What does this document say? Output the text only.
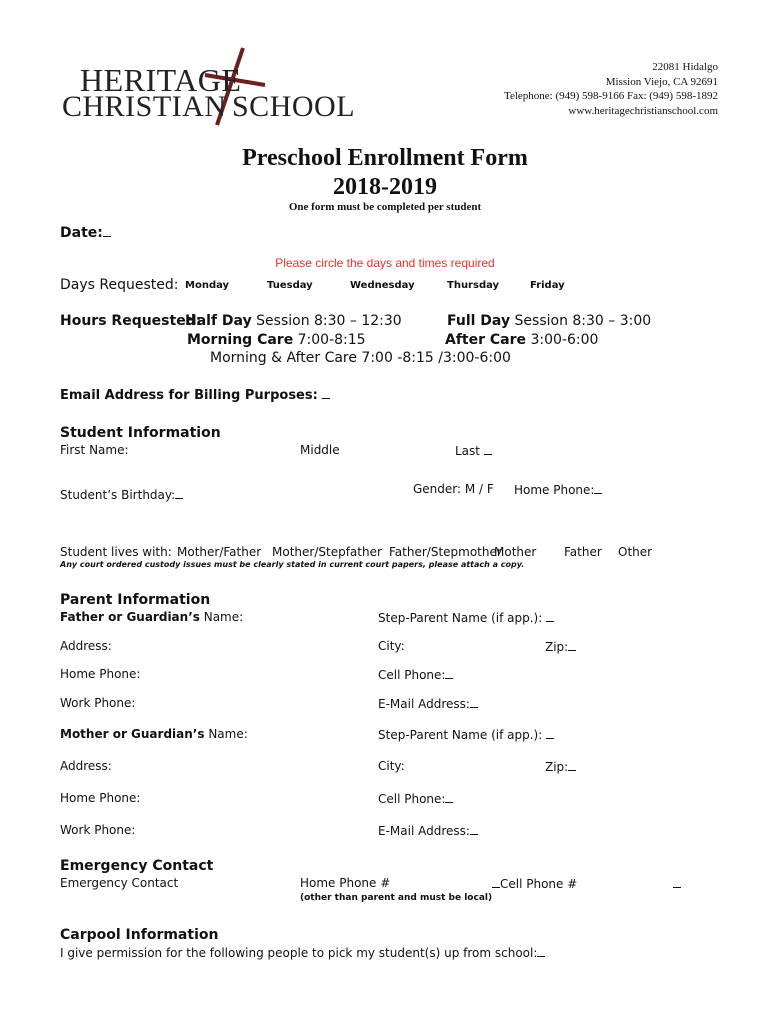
HERITAGE
CHRISTIAN SCHOOL
22081 Hidalgo
Mission Viejo, CA 92691
Telephone: (949) 598-9166 Fax: (949) 598-1892
www.heritagechristianschool.com
Preschool Enrollment Form
2018-2019
One form must be completed per student
Date:
Please circle the days and times required
Days Requested: Monday	Tuesday	Wednesday	Thursday	Friday
Hours Requested:
Half Day Session 8:30 – 12:30	Full Day Session 8:30 – 3:00
Morning Care 7:00-8:15	After Care 3:00-6:00
Morning & After Care 7:00 -8:15 /3:00-6:00
Email Address for Billing Purposes:
Student Information
First Name:	Middle	Last
Student’s Birthday:	Gender: M / F Home Phone:
Student lives with: Mother/Father Mother/Stepfather Father/Stepmother
Mother Father Other
Any court ordered custody issues must be clearly stated in current court papers, please attach a copy.
Parent Information
Father or Guardian’s Name:	Step-Parent Name (if app.):
Address:	City:	Zip:
Home Phone:	Cell Phone:
Work Phone:	E-Mail Address:
Mother or Guardian’s Name:	Step-Parent Name (if app.):
Address:	City:	Zip:
Home Phone:	Cell Phone:
Work Phone:	E-Mail Address:
Emergency Contact
Emergency Contact	Home Phone #	Cell Phone #
(other than parent and must be local)
Carpool Information
I give permission for the following people to pick my student(s) up from school:
